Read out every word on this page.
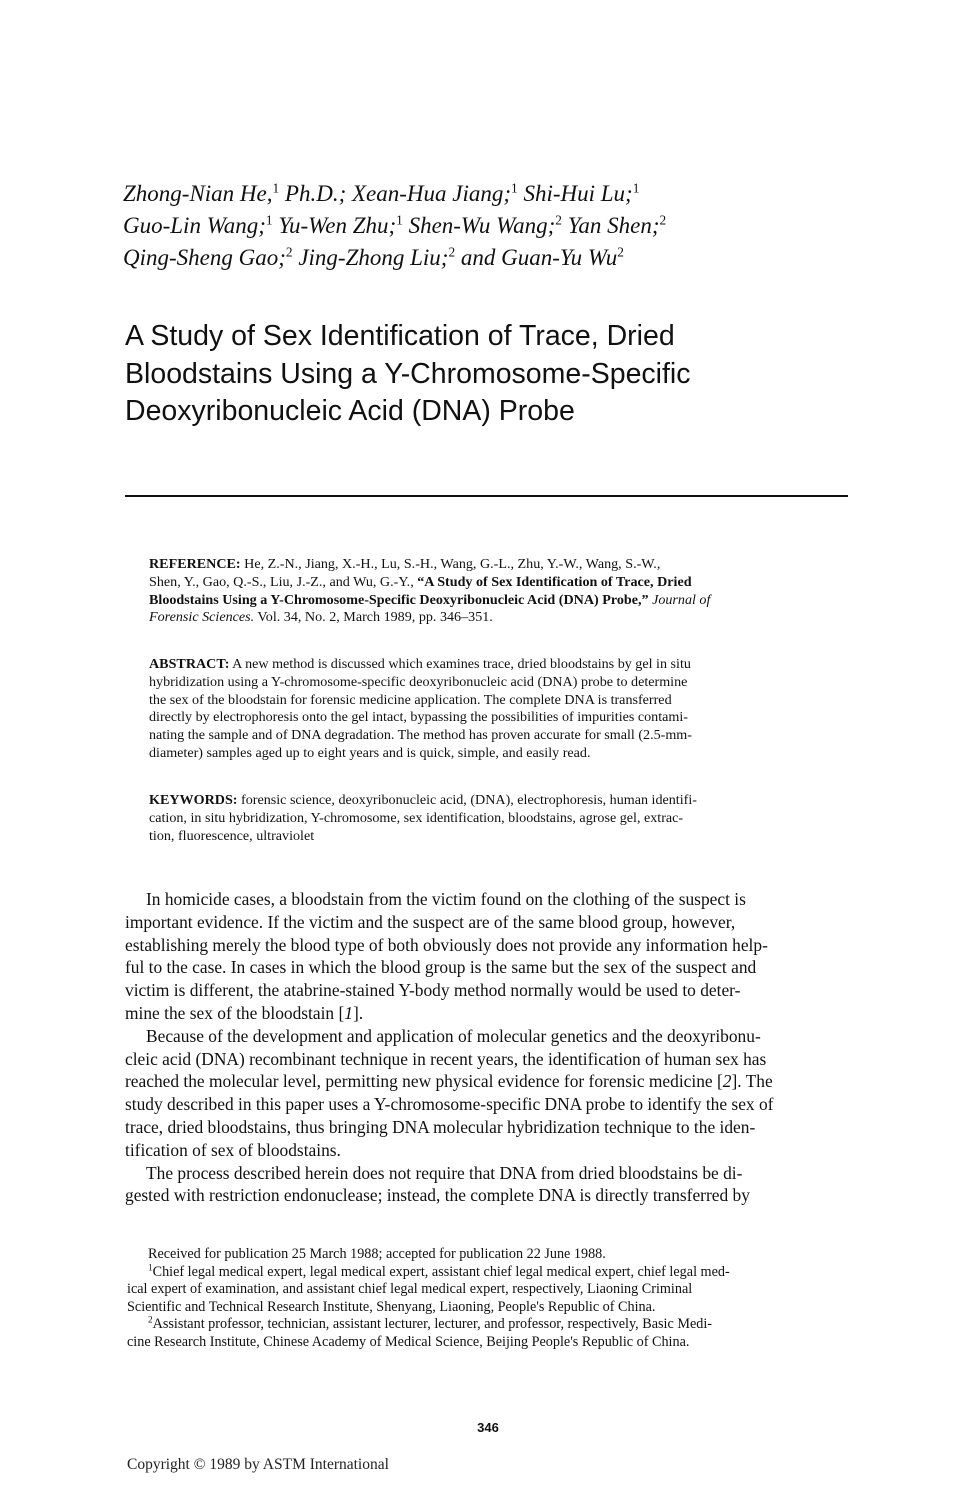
Zhong-Nian He,$^1$ Ph.D.; Xean-Hua Jiang;$^1$ Shi-Hui Lu;$^1$
Guo-Lin Wang;$^1$ Yu-Wen Zhu;$^1$ Shen-Wu Wang;$^2$ Yan Shen;$^2$
Qing-Sheng Gao;$^2$ Jing-Zhong Liu;$^2$ and Guan-Yu Wu$^2$
A Study of Sex Identification of Trace, Dried
Bloodstains Using a Y-Chromosome-Specific
Deoxyribonucleic Acid (DNA) Probe
REFERENCE: He, Z.-N., Jiang, X.-H., Lu, S.-H., Wang, G.-L., Zhu, Y.-W., Wang, S.-W.,
Shen, Y., Gao, Q.-S., Liu, J.-Z., and Wu, G.-Y., “A Study of Sex Identification of Trace, Dried
Bloodstains Using a Y-Chromosome-Specific Deoxyribonucleic Acid (DNA) Probe,” Journal of
Forensic Sciences. Vol. 34, No. 2, March 1989, pp. 346–351.
ABSTRACT: A new method is discussed which examines trace, dried bloodstains by gel in situ
hybridization using a Y-chromosome-specific deoxyribonucleic acid (DNA) probe to determine
the sex of the bloodstain for forensic medicine application. The complete DNA is transferred
directly by electrophoresis onto the gel intact, bypassing the possibilities of impurities contami-
nating the sample and of DNA degradation. The method has proven accurate for small (2.5-mm-
diameter) samples aged up to eight years and is quick, simple, and easily read.
KEYWORDS: forensic science, deoxyribonucleic acid, (DNA), electrophoresis, human identifi-
cation, in situ hybridization, Y-chromosome, sex identification, bloodstains, agrose gel, extrac-
tion, fluorescence, ultraviolet
In homicide cases, a bloodstain from the victim found on the clothing of the suspect is
important evidence. If the victim and the suspect are of the same blood group, however,
establishing merely the blood type of both obviously does not provide any information help-
ful to the case. In cases in which the blood group is the same but the sex of the suspect and
victim is different, the atabrine-stained Y-body method normally would be used to deter-
mine the sex of the bloodstain [1].
Because of the development and application of molecular genetics and the deoxyribonu-
cleic acid (DNA) recombinant technique in recent years, the identification of human sex has
reached the molecular level, permitting new physical evidence for forensic medicine [2]. The
study described in this paper uses a Y-chromosome-specific DNA probe to identify the sex of
trace, dried bloodstains, thus bringing DNA molecular hybridization technique to the iden-
tification of sex of bloodstains.
The process described herein does not require that DNA from dried bloodstains be di-
gested with restriction endonuclease; instead, the complete DNA is directly transferred by
Received for publication 25 March 1988; accepted for publication 22 June 1988.
$^1$Chief legal medical expert, legal medical expert, assistant chief legal medical expert, chief legal med-
ical expert of examination, and assistant chief legal medical expert, respectively, Liaoning Criminal
Scientific and Technical Research Institute, Shenyang, Liaoning, People's Republic of China.
$^2$Assistant professor, technician, assistant lecturer, lecturer, and professor, respectively, Basic Medi-
cine Research Institute, Chinese Academy of Medical Science, Beijing People's Republic of China.
346
Copyright © 1989 by ASTM International
